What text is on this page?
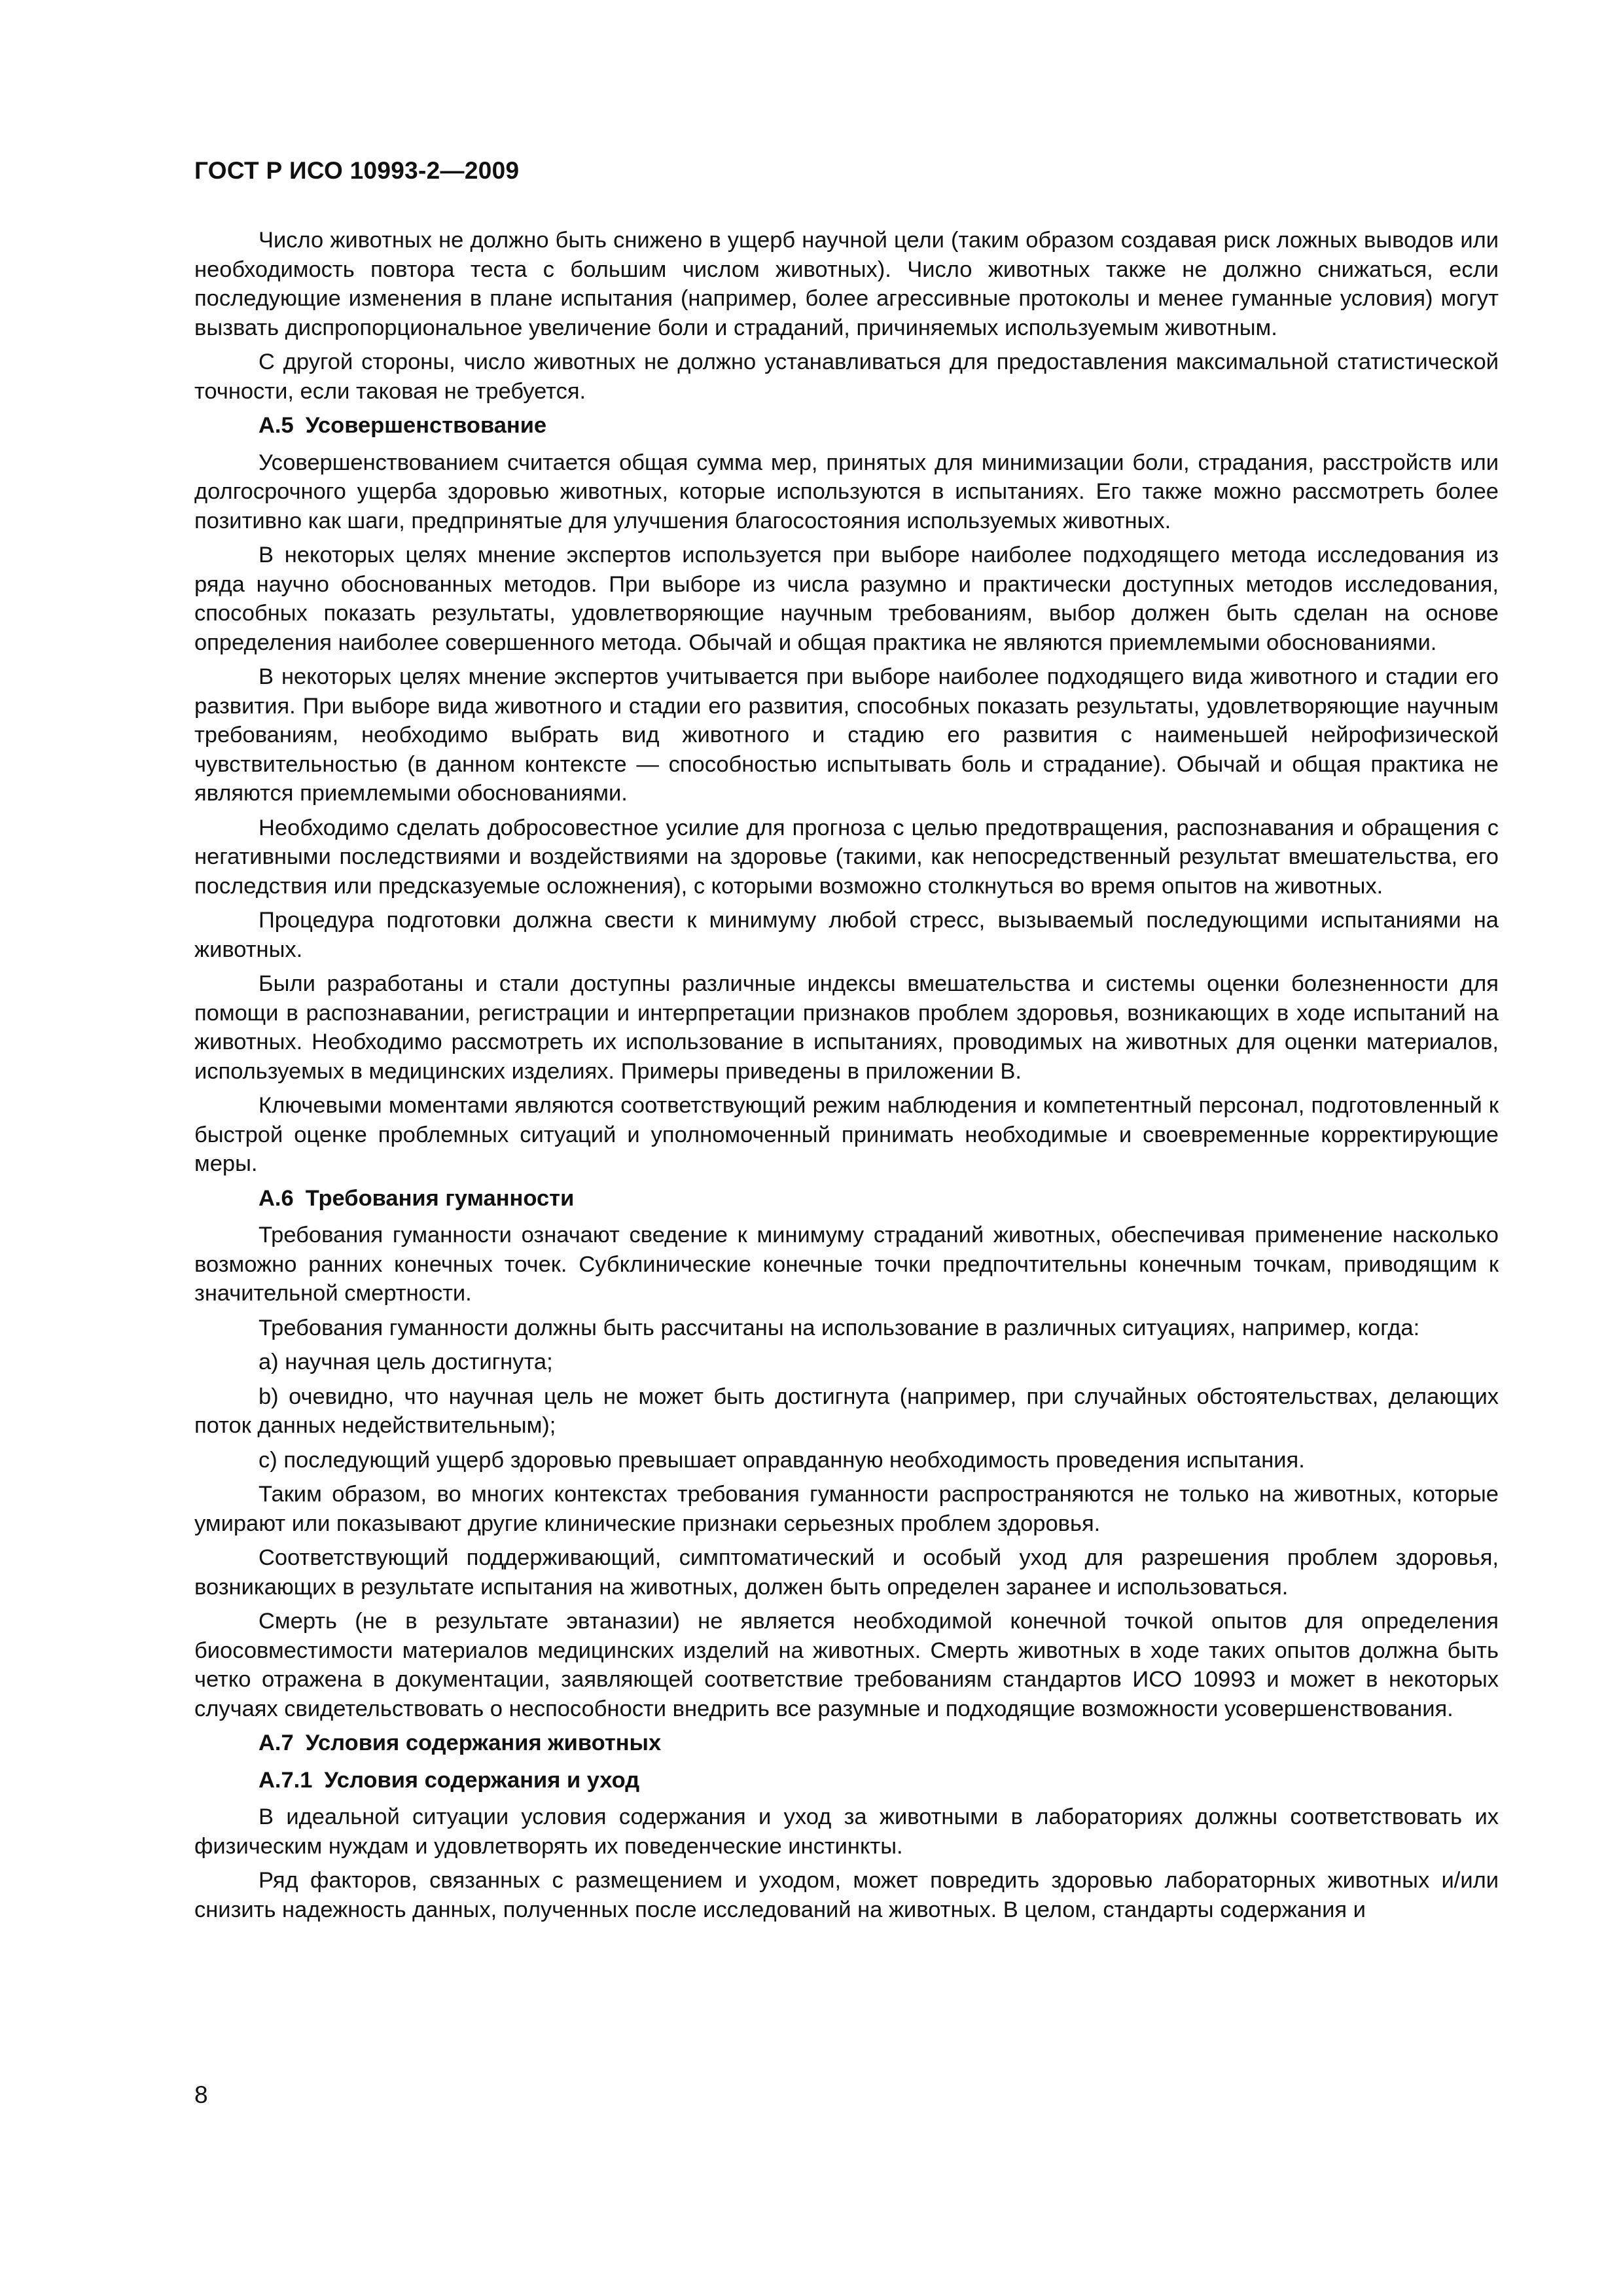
ГОСТ Р ИСО 10993-2—2009

Число животных не должно быть снижено в ущерб научной цели (таким образом создавая риск ложных выводов или необходимость повтора теста с большим числом животных). Число животных также не должно снижаться, если последующие изменения в плане испытания (например, более агрессивные протоколы и менее гуманные условия) могут вызвать диспропорциональное увеличение боли и страданий, причиняемых используемым животным.

С другой стороны, число животных не должно устанавливаться для предоставления максимальной статистической точности, если таковая не требуется.

А.5 Усовершенствование

Усовершенствованием считается общая сумма мер, принятых для минимизации боли, страдания, расстройств или долгосрочного ущерба здоровью животных, которые используются в испытаниях. Его также можно рассмотреть более позитивно как шаги, предпринятые для улучшения благосостояния используемых животных.

В некоторых целях мнение экспертов используется при выборе наиболее подходящего метода исследования из ряда научно обоснованных методов. При выборе из числа разумно и практически доступных методов исследования, способных показать результаты, удовлетворяющие научным требованиям, выбор должен быть сделан на основе определения наиболее совершенного метода. Обычай и общая практика не являются приемлемыми обоснованиями.

В некоторых целях мнение экспертов учитывается при выборе наиболее подходящего вида животного и стадии его развития. При выборе вида животного и стадии его развития, способных показать результаты, удовлетворяющие научным требованиям, необходимо выбрать вид животного и стадию его развития с наименьшей нейрофизической чувствительностью (в данном контексте — способностью испытывать боль и страдание). Обычай и общая практика не являются приемлемыми обоснованиями.

Необходимо сделать добросовестное усилие для прогноза с целью предотвращения, распознавания и обращения с негативными последствиями и воздействиями на здоровье (такими, как непосредственный результат вмешательства, его последствия или предсказуемые осложнения), с которыми возможно столкнуться во время опытов на животных.

Процедура подготовки должна свести к минимуму любой стресс, вызываемый последующими испытаниями на животных.

Были разработаны и стали доступны различные индексы вмешательства и системы оценки болезненности для помощи в распознавании, регистрации и интерпретации признаков проблем здоровья, возникающих в ходе испытаний на животных. Необходимо рассмотреть их использование в испытаниях, проводимых на животных для оценки материалов, используемых в медицинских изделиях. Примеры приведены в приложении В.

Ключевыми моментами являются соответствующий режим наблюдения и компетентный персонал, подготовленный к быстрой оценке проблемных ситуаций и уполномоченный принимать необходимые и своевременные корректирующие меры.

А.6 Требования гуманности

Требования гуманности означают сведение к минимуму страданий животных, обеспечивая применение насколько возможно ранних конечных точек. Субклинические конечные точки предпочтительны конечным точкам, приводящим к значительной смертности.

Требования гуманности должны быть рассчитаны на использование в различных ситуациях, например, когда:

a) научная цель достигнута;

b) очевидно, что научная цель не может быть достигнута (например, при случайных обстоятельствах, делающих поток данных недействительным);

c) последующий ущерб здоровью превышает оправданную необходимость проведения испытания.

Таким образом, во многих контекстах требования гуманности распространяются не только на животных, которые умирают или показывают другие клинические признаки серьезных проблем здоровья.

Соответствующий поддерживающий, симптоматический и особый уход для разрешения проблем здоровья, возникающих в результате испытания на животных, должен быть определен заранее и использоваться.

Смерть (не в результате эвтаназии) не является необходимой конечной точкой опытов для определения биосовместимости материалов медицинских изделий на животных. Смерть животных в ходе таких опытов должна быть четко отражена в документации, заявляющей соответствие требованиям стандартов ИСО 10993 и может в некоторых случаях свидетельствовать о неспособности внедрить все разумные и подходящие возможности усовершенствования.

А.7 Условия содержания животных
А.7.1 Условия содержания и уход

В идеальной ситуации условия содержания и уход за животными в лабораториях должны соответствовать их физическим нуждам и удовлетворять их поведенческие инстинкты.

Ряд факторов, связанных с размещением и уходом, может повредить здоровью лабораторных животных и/или снизить надежность данных, полученных после исследований на животных. В целом, стандарты содержания и

8
